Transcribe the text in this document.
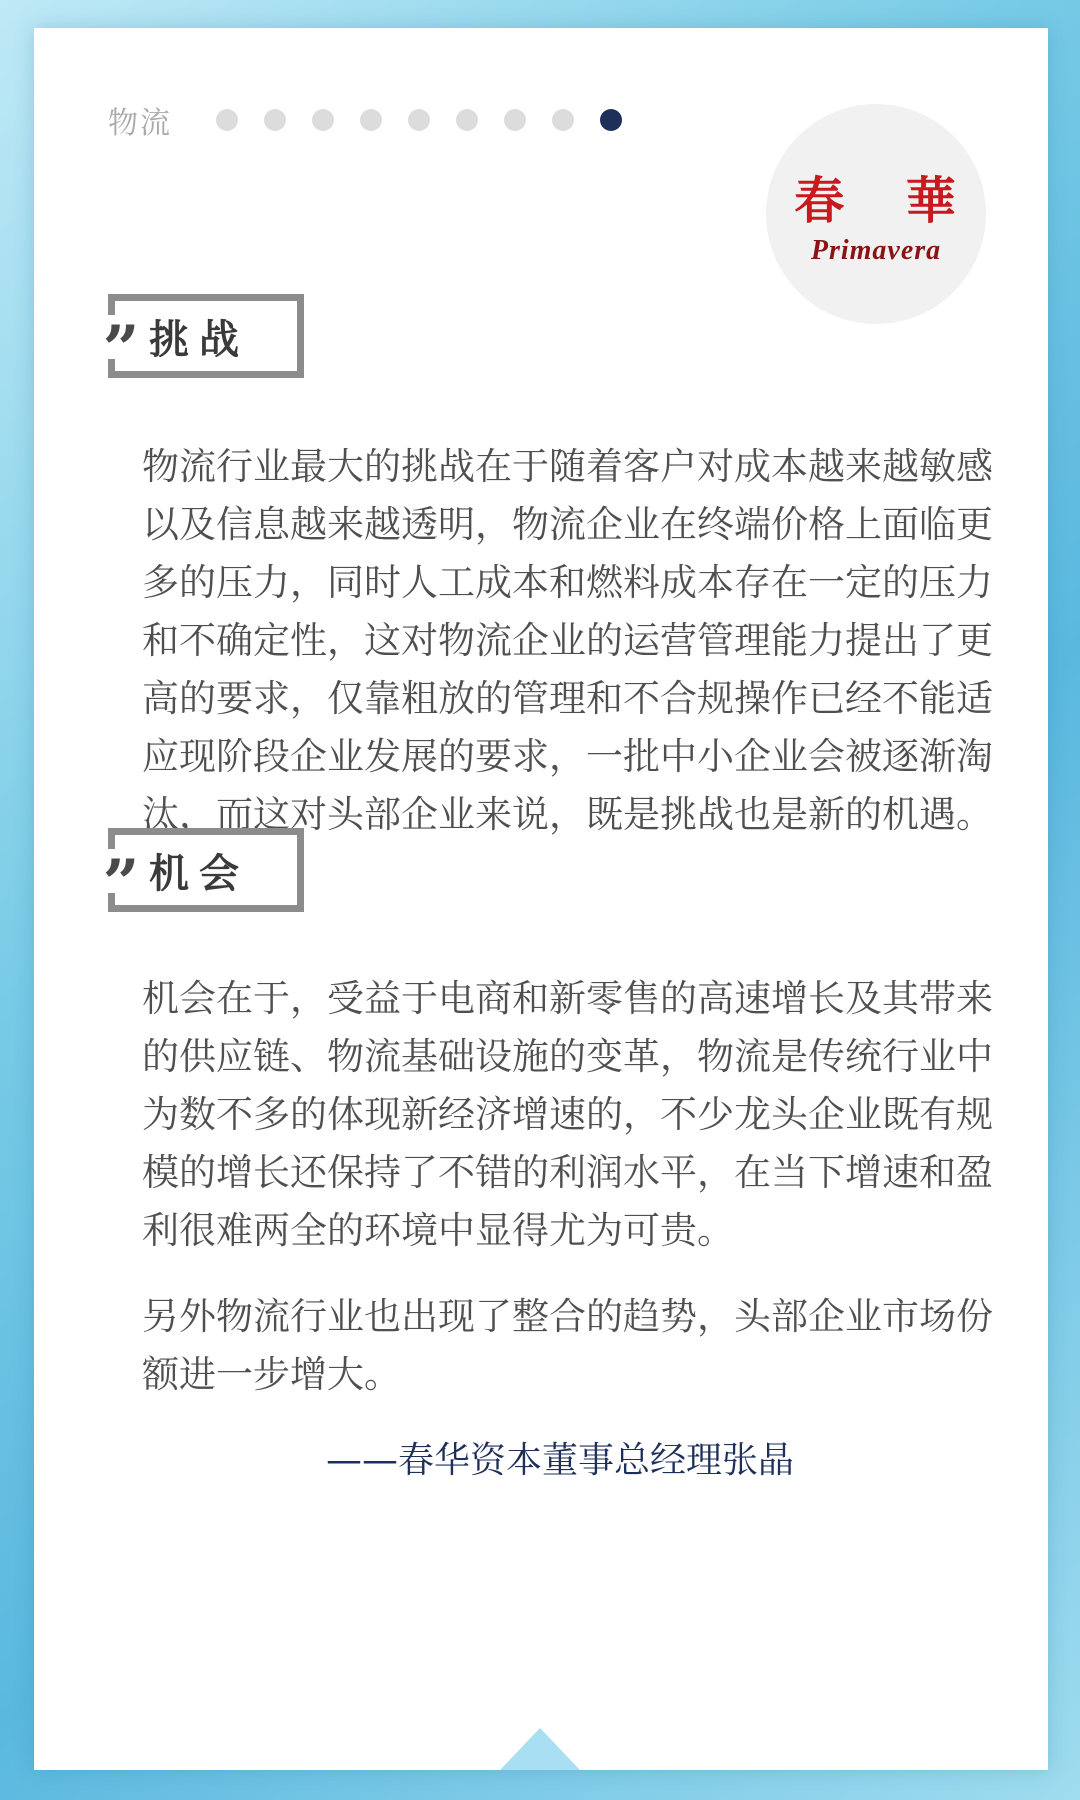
物流
春 華
Primavera
” 挑战

物流行业最大的挑战在于随着客户对成本越来越敏感以及信息越来越透明，物流企业在终端价格上面临更多的压力，同时人工成本和燃料成本存在一定的压力和不确定性，这对物流企业的运营管理能力提出了更高的要求，仅靠粗放的管理和不合规操作已经不能适应现阶段企业发展的要求，一批中小企业会被逐渐淘汰，而这对头部企业来说，既是挑战也是新的机遇。

” 机会

机会在于，受益于电商和新零售的高速增长及其带来的供应链、物流基础设施的变革，物流是传统行业中为数不多的体现新经济增速的，不少龙头企业既有规模的增长还保持了不错的利润水平，在当下增速和盈利很难两全的环境中显得尤为可贵。

另外物流行业也出现了整合的趋势，头部企业市场份额进一步增大。

——春华资本董事总经理张晶
